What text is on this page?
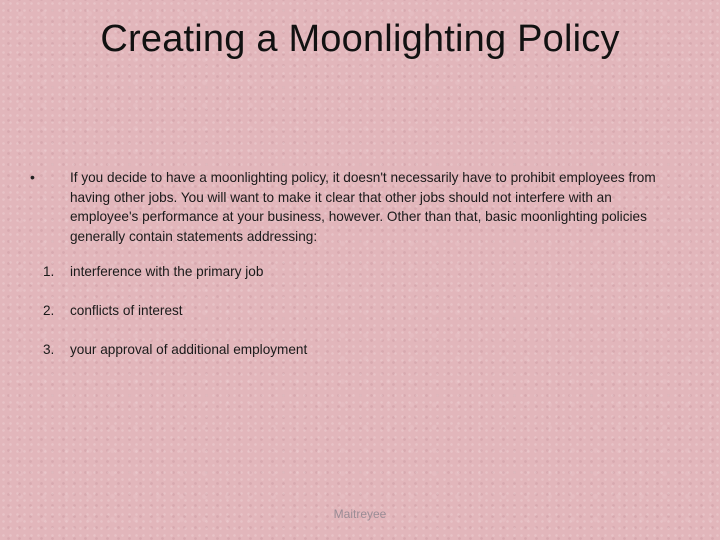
Creating a Moonlighting Policy
•	If you decide to have a moonlighting policy, it doesn't necessarily have to prohibit employees from having other jobs. You will want to make it clear that other jobs should not interfere with an employee's performance at your business, however. Other than that, basic moonlighting policies generally contain statements addressing:
1.	interference with the primary job
2.	conflicts of interest
3.	your approval of additional employment
Maitreyee
